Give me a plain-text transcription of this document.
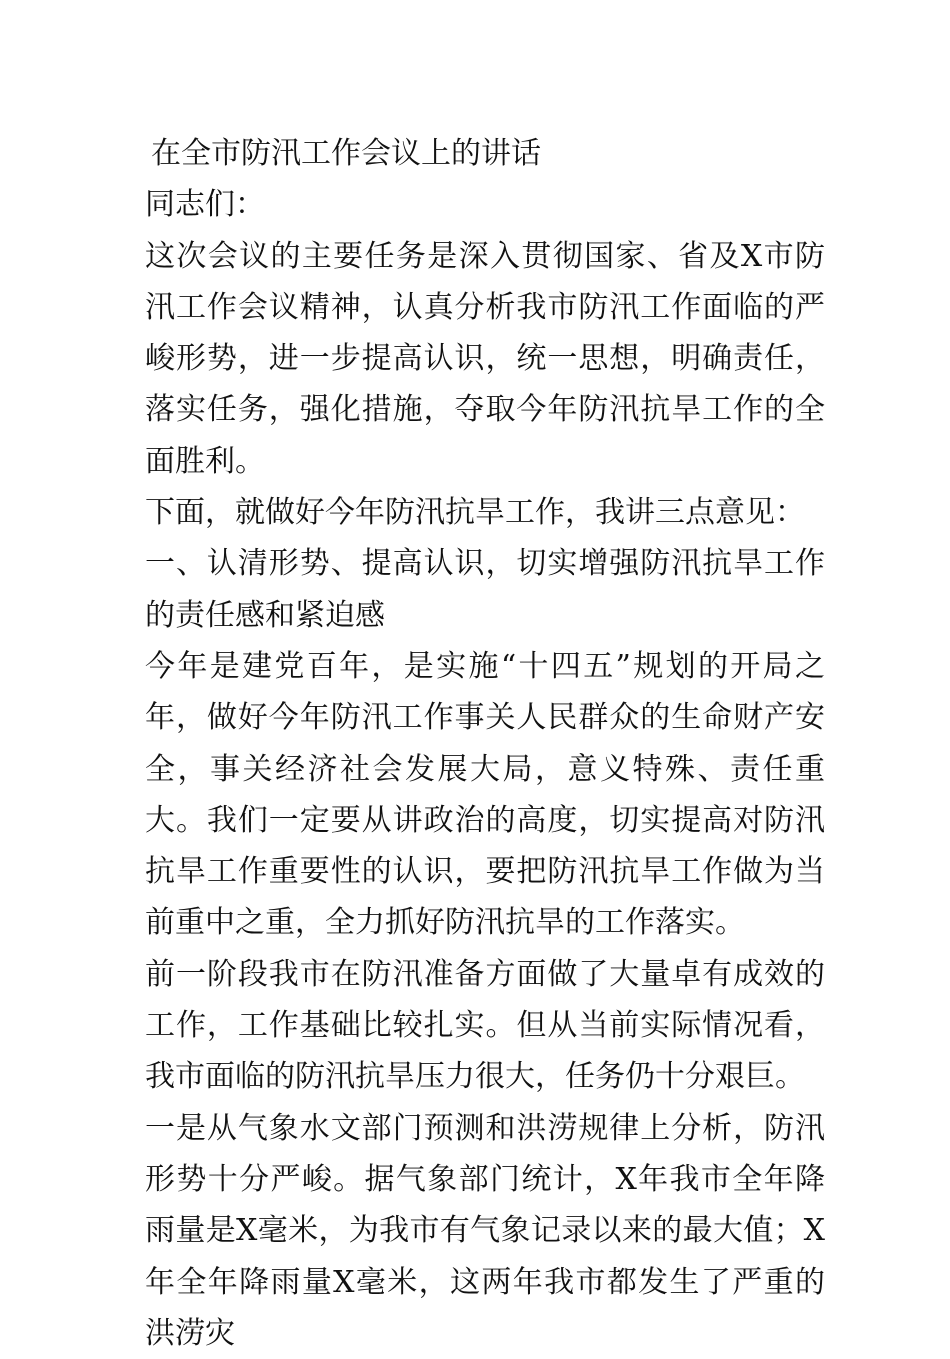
在全市防汛工作会议上的讲话
同志们：

这次会议的主要任务是深入贯彻国家、省及X市防汛工作会议精神，认真分析我市防汛工作面临的严峻形势，进一步提高认识，统一思想，明确责任，落实任务，强化措施，夺取今年防汛抗旱工作的全面胜利。

下面，就做好今年防汛抗旱工作，我讲三点意见：

一、认清形势、提高认识，切实增强防汛抗旱工作的责任感和紧迫感

今年是建党百年，是实施“十四五”规划的开局之年，做好今年防汛工作事关人民群众的生命财产安全，事关经济社会发展大局，意义特殊、责任重大。我们一定要从讲政治的高度，切实提高对防汛抗旱工作重要性的认识，要把防汛抗旱工作做为当前重中之重，全力抓好防汛抗旱的工作落实。

前一阶段我市在防汛准备方面做了大量卓有成效的工作，工作基础比较扎实。但从当前实际情况看，我市面临的防汛抗旱压力很大，任务仍十分艰巨。

一是从气象水文部门预测和洪涝规律上分析，防汛形势十分严峻。据气象部门统计，X年我市全年降雨量是X毫米，为我市有气象记录以来的最大值；X年全年降雨量X毫米，这两年我市都发生了严重的洪涝灾
